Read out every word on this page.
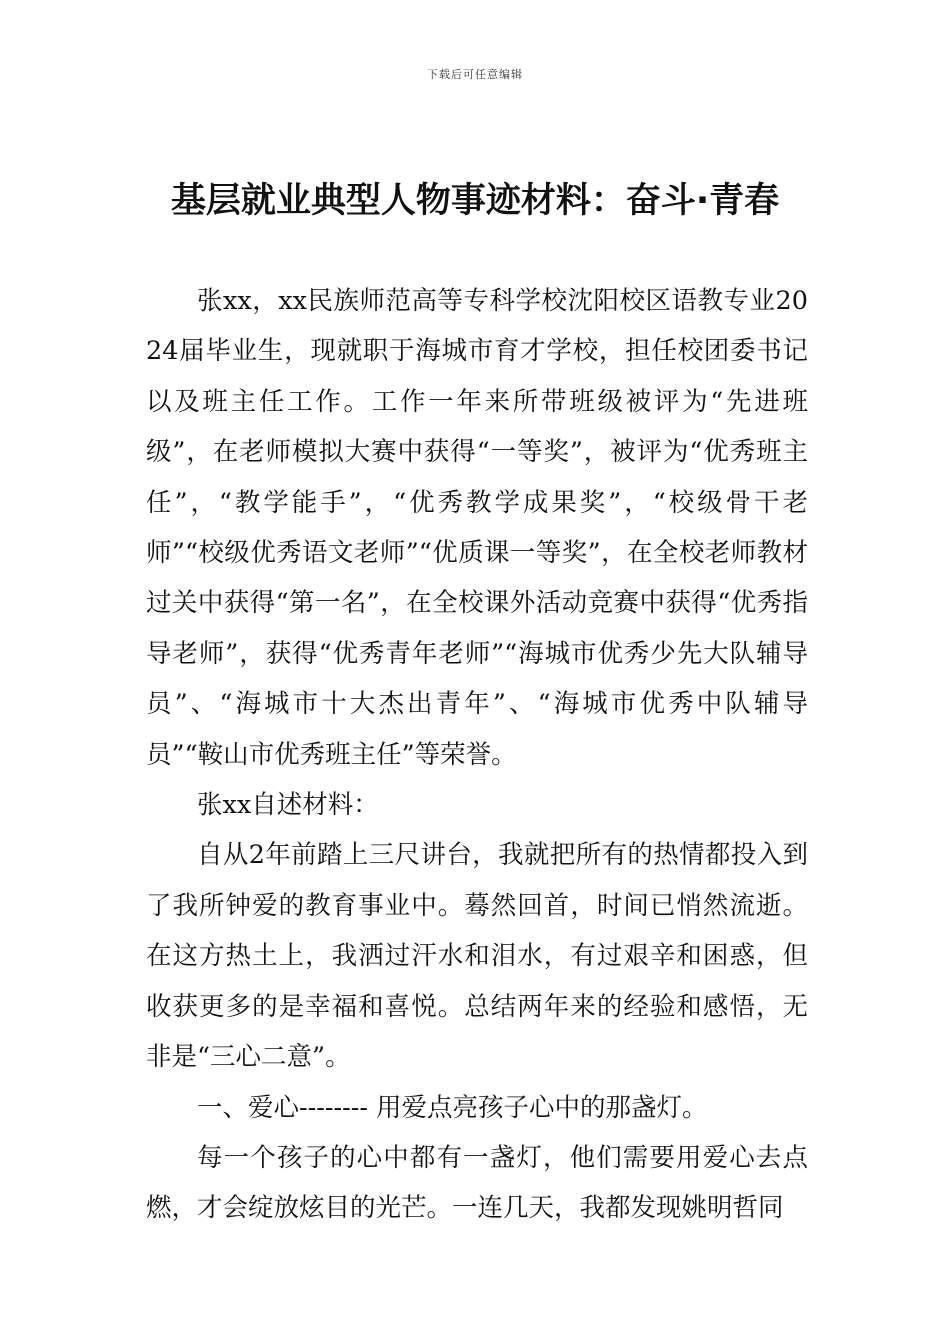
下载后可任意编辑
基层就业典型人物事迹材料：奋斗·青春

张xx，xx民族师范高等专科学校沈阳校区语教专业2024届毕业生，现就职于海城市育才学校，担任校团委书记以及班主任工作。工作一年来所带班级被评为“先进班级”，在老师模拟大赛中获得“一等奖”，被评为“优秀班主任”，“教学能手”，“优秀教学成果奖”，“校级骨干老师”“校级优秀语文老师”“优质课一等奖”，在全校老师教材过关中获得“第一名”，在全校课外活动竞赛中获得“优秀指导老师”，获得“优秀青年老师”“海城市优秀少先大队辅导员”、“海城市十大杰出青年”、“海城市优秀中队辅导员”“鞍山市优秀班主任”等荣誉。

张xx自述材料：

自从2年前踏上三尺讲台，我就把所有的热情都投入到了我所钟爱的教育事业中。蓦然回首，时间已悄然流逝。在这方热土上，我洒过汗水和泪水，有过艰辛和困惑，但收获更多的是幸福和喜悦。总结两年来的经验和感悟，无非是“三心二意”。

一、爱心-------- 用爱点亮孩子心中的那盏灯。

每一个孩子的心中都有一盏灯，他们需要用爱心去点燃，才会绽放炫目的光芒。一连几天，我都发现姚明哲同
